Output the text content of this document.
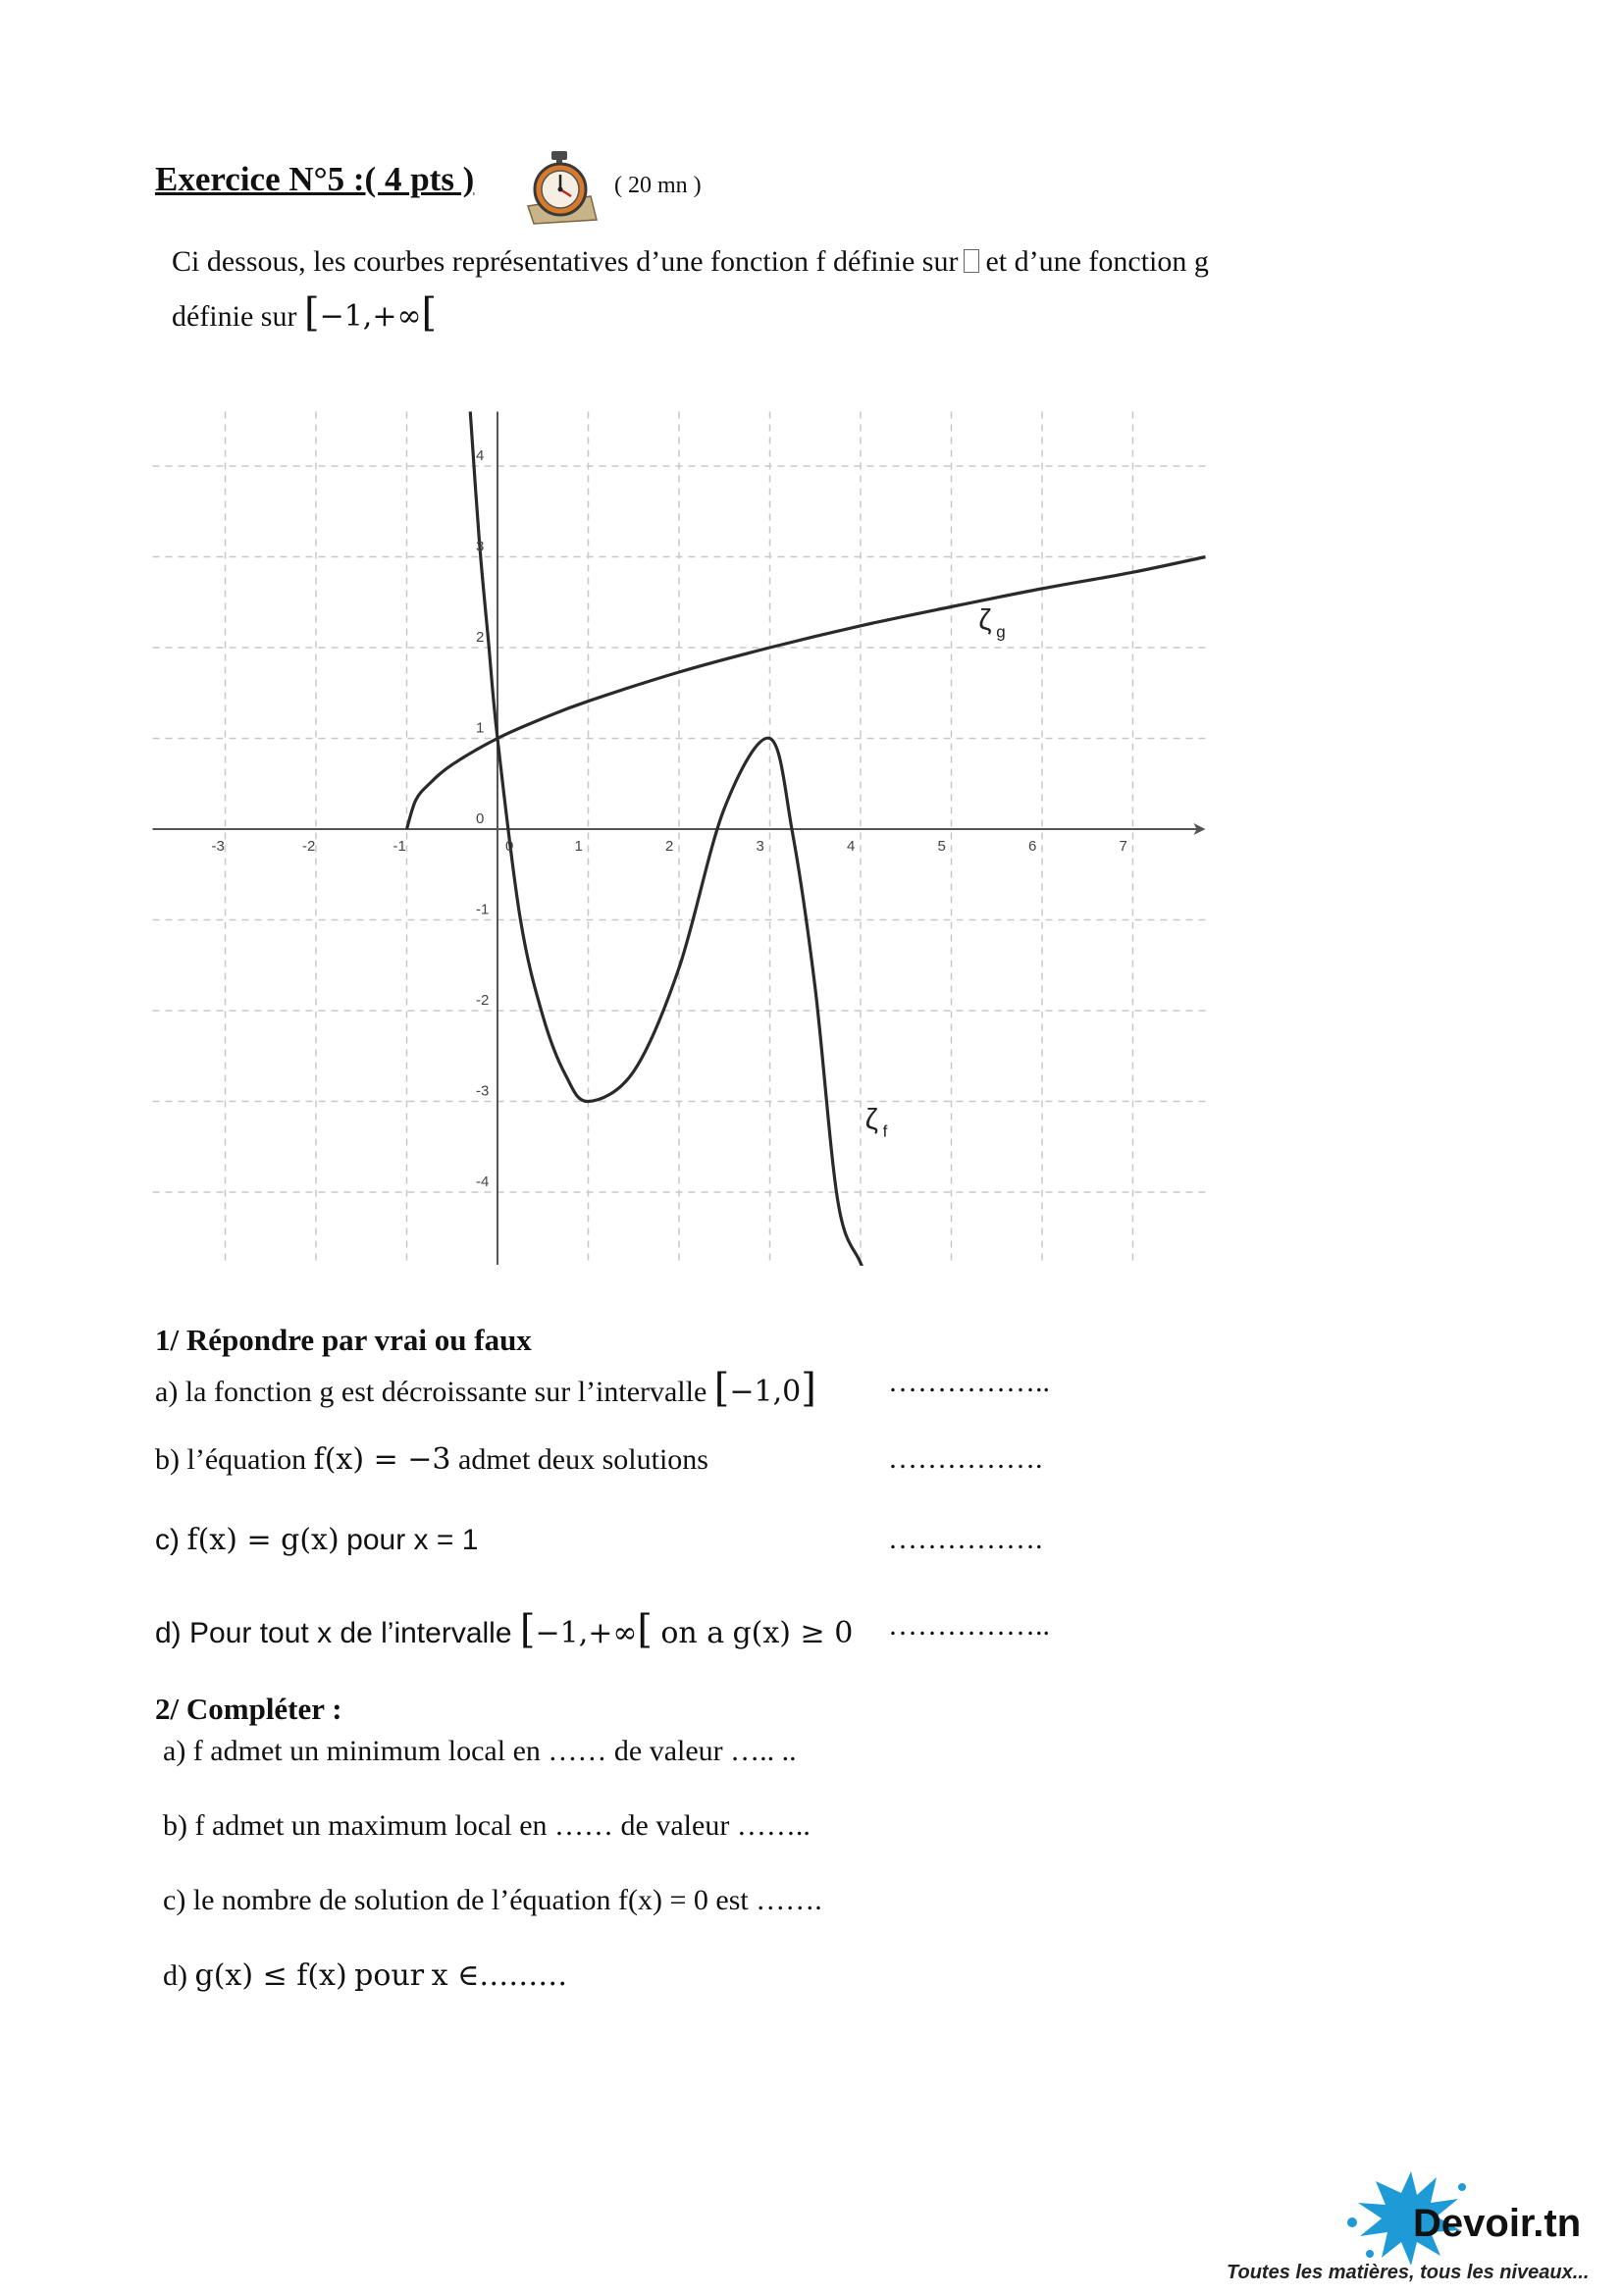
Exercice N°5 :( 4 pts )	( 20 mn )
Ci dessous, les courbes représentatives d’une fonction f définie sur et d’une fonction g
définie sur [−1,+∞[
-3	-2	-1	0	1	2	3	4	5	6	7
4
3
2
1
0
-1
-2
-3
-4
ζ g
ζ f
1/ Répondre par vrai ou faux
a) la fonction g est décroissante sur l’intervalle [−1,0] ……………..
b) l’équation f(x) = −3 admet deux solutions	…………….
c) f(x) = g(x) pour x = 1	…………….
d) Pour tout x de l’intervalle [−1,+∞[ on a g(x) ≥ 0 ……………..
2/ Compléter :
a) f admet un minimum local en …… de valeur ….. ..
b) f admet un maximum local en …… de valeur ……..
c) le nombre de solution de l’équation f(x) = 0 est …….
d) g(x) ≤ f(x) pour x ∈………
Devoir.tn
Toutes les matières, tous les niveaux...
